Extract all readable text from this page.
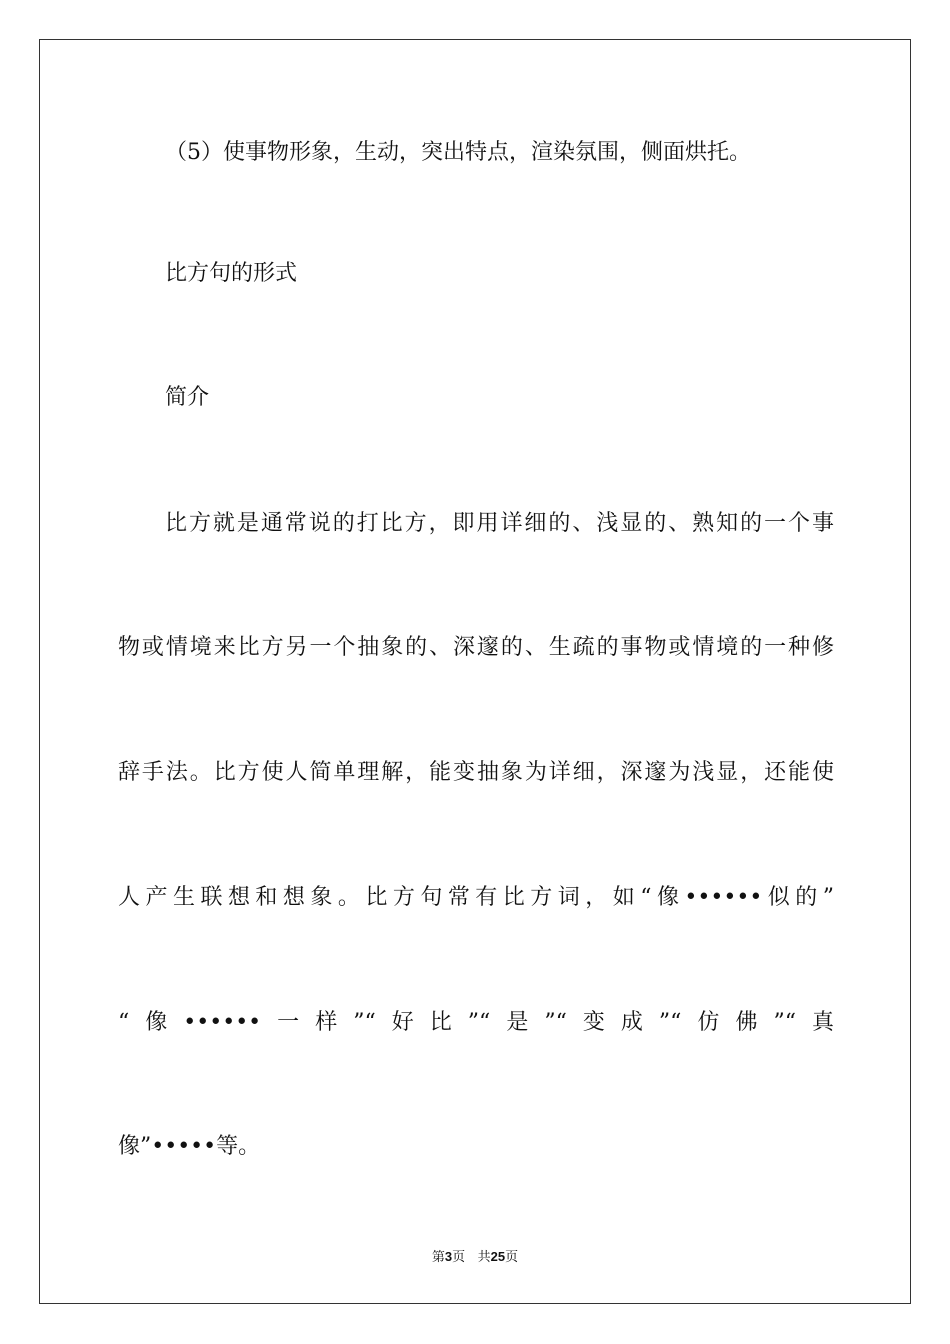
（5）使事物形象，生动，突出特点，渲染氛围，侧面烘托。
比方句的形式
简介
比方就是通常说的打比方，即用详细的、浅显的、熟知的一个事
物或情境来比方另一个抽象的、深邃的、生疏的事物或情境的一种修
辞手法。比方使人简单理解，能变抽象为详细，深邃为浅显，还能使
人产生联想和想象。比方句常有比方词，如“像••••••似的”
“像••••••一样”“好比”“是”“变成”“仿佛”“真
像”•••••等。
第3页 共25页
